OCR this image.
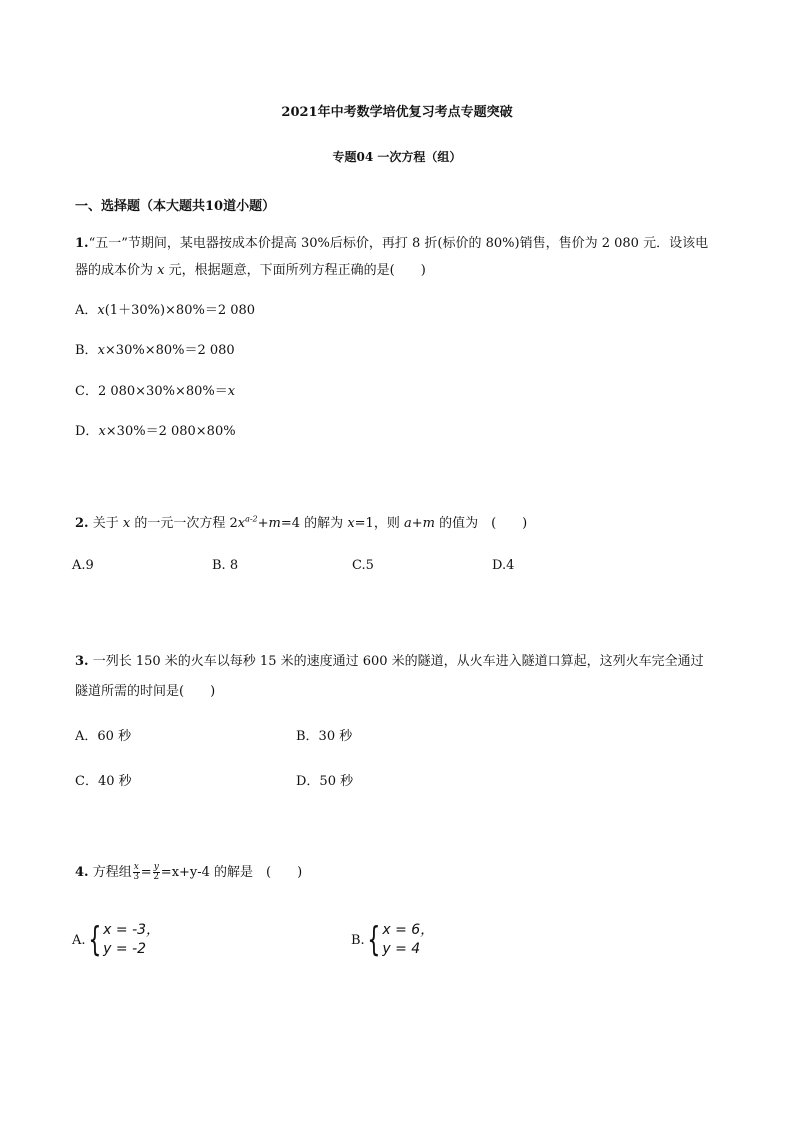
2021年中考数学培优复习考点专题突破
专题04 一次方程（组）
一、选择题（本大题共10道小题）
1.“五一”节期间，某电器按成本价提高 30%后标价，再打 8 折(标价的 80%)销售，售价为 2 080 元．设该电
器的成本价为 x 元，根据题意，下面所列方程正确的是(　　)
A．x(1＋30%)×80%＝2 080
B．x×30%×80%＝2 080
C．2 080×30%×80%＝x
D．x×30%＝2 080×80%
2. 关于 x 的一元一次方程 $2x^{a-2}+m=4$ 的解为 x=1，则 a+m 的值为　(　　)
A.9	B. 8	C.5	D.4
3. 一列长 150 米的火车以每秒 15 米的速度通过 600 米的隧道，从火车进入隧道口算起，这列火车完全通过
隧道所需的时间是(　　)
A．60 秒	B．30 秒
C．40 秒	D．50 秒
4. 方程组 $\frac{x}{3} = \frac{y}{2} =x+y-4$ 的解是　(　　)
A. { x = -3，
y = -2
B. { x = 6，
y = 4
